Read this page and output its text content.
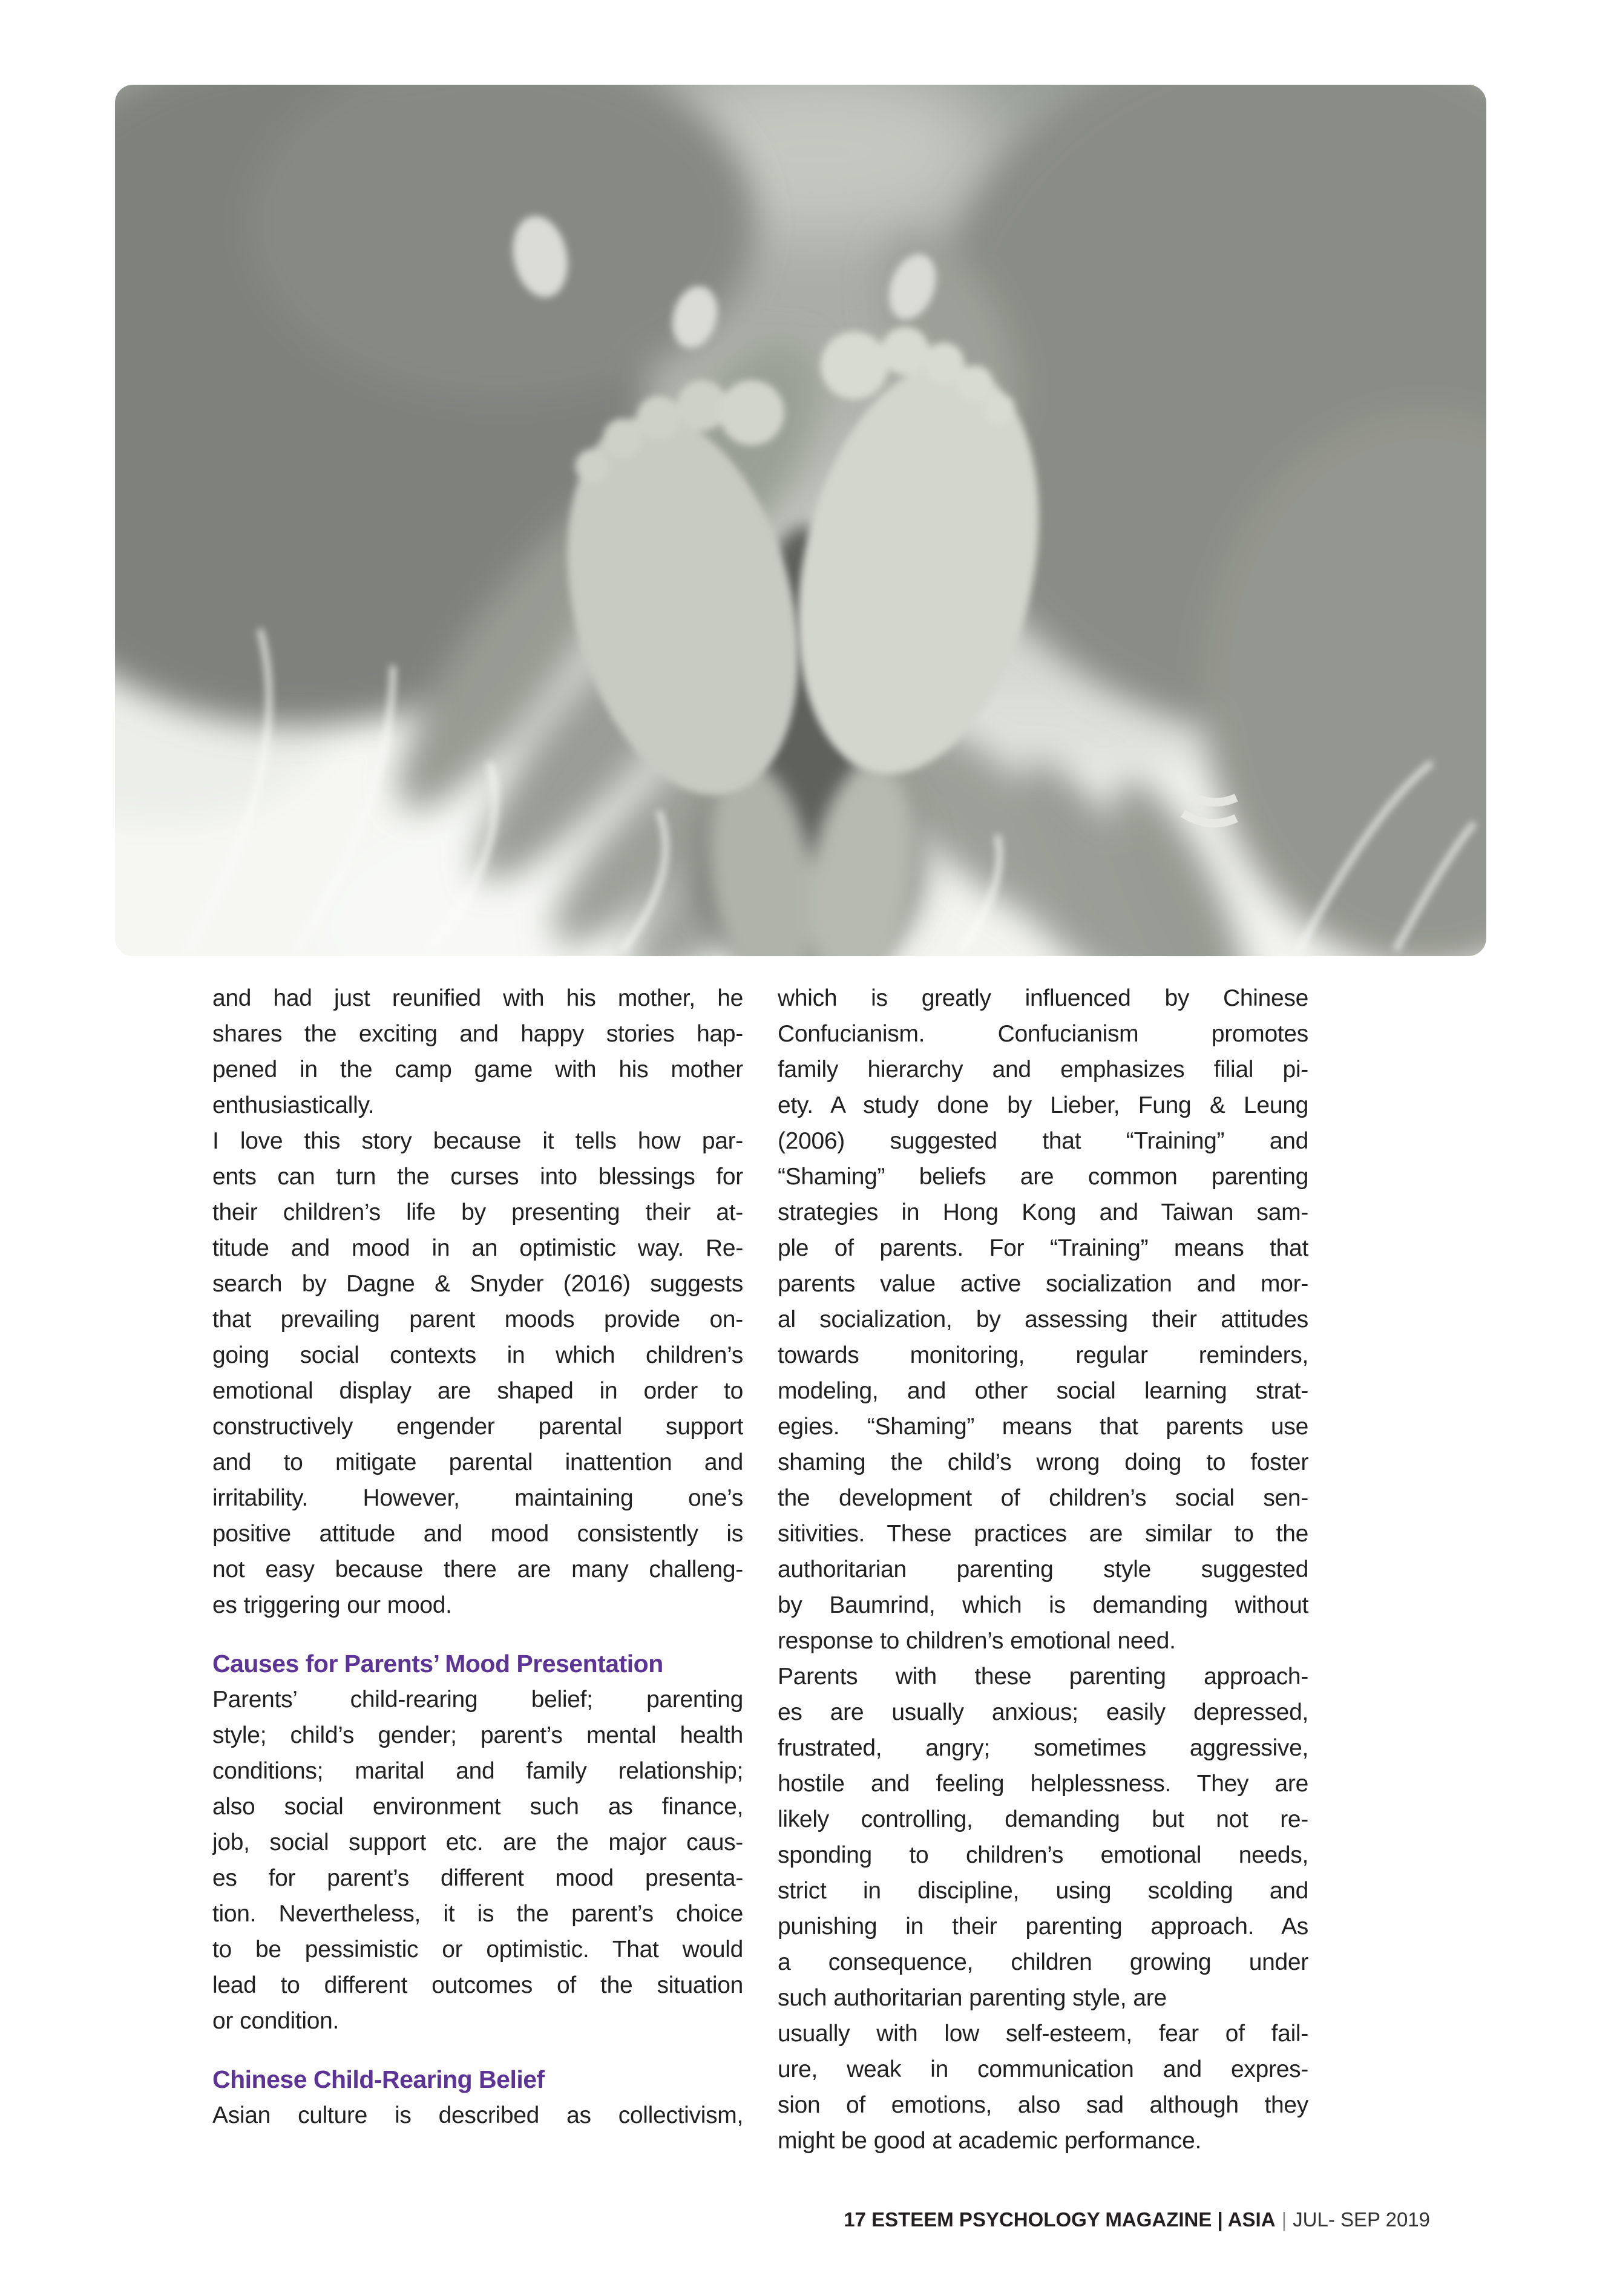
and had just reunified with his mother, he
shares the exciting and happy stories hap-
pened in the camp game with his mother
enthusiastically.
I love this story because it tells how par-
ents can turn the curses into blessings for
their children’s life by presenting their at-
titude and mood in an optimistic way. Re-
search by Dagne & Snyder (2016) suggests
that prevailing parent moods provide on-
going social contexts in which children’s
emotional display are shaped in order to
constructively engender parental support
and to mitigate parental inattention and
irritability. However, maintaining one’s
positive attitude and mood consistently is
not easy because there are many challeng-
es triggering our mood.
Causes for Parents’ Mood Presentation
Parents’ child-rearing belief; parenting
style; child’s gender; parent’s mental health
conditions; marital and family relationship;
also social environment such as finance,
job, social support etc. are the major caus-
es for parent’s different mood presenta-
tion. Nevertheless, it is the parent’s choice
to be pessimistic or optimistic. That would
lead to different outcomes of the situation
or condition.
Chinese Child-Rearing Belief
Asian culture is described as collectivism,
which is greatly influenced by Chinese
Confucianism. Confucianism promotes
family hierarchy and emphasizes filial pi-
ety. A study done by Lieber, Fung & Leung
(2006) suggested that “Training” and
“Shaming” beliefs are common parenting
strategies in Hong Kong and Taiwan sam-
ple of parents. For “Training” means that
parents value active socialization and mor-
al socialization, by assessing their attitudes
towards monitoring, regular reminders,
modeling, and other social learning strat-
egies. “Shaming” means that parents use
shaming the child’s wrong doing to foster
the development of children’s social sen-
sitivities. These practices are similar to the
authoritarian parenting style suggested
by Baumrind, which is demanding without
response to children’s emotional need.
Parents with these parenting approach-
es are usually anxious; easily depressed,
frustrated, angry; sometimes aggressive,
hostile and feeling helplessness. They are
likely controlling, demanding but not re-
sponding to children’s emotional needs,
strict in discipline, using scolding and
punishing in their parenting approach. As
a consequence, children growing under
such authoritarian parenting style, are
usually with low self-esteem, fear of fail-
ure, weak in communication and expres-
sion of emotions, also sad although they
might be good at academic performance.
17 ESTEEM PSYCHOLOGY MAGAZINE | ASIA | JUL- SEP 2019
